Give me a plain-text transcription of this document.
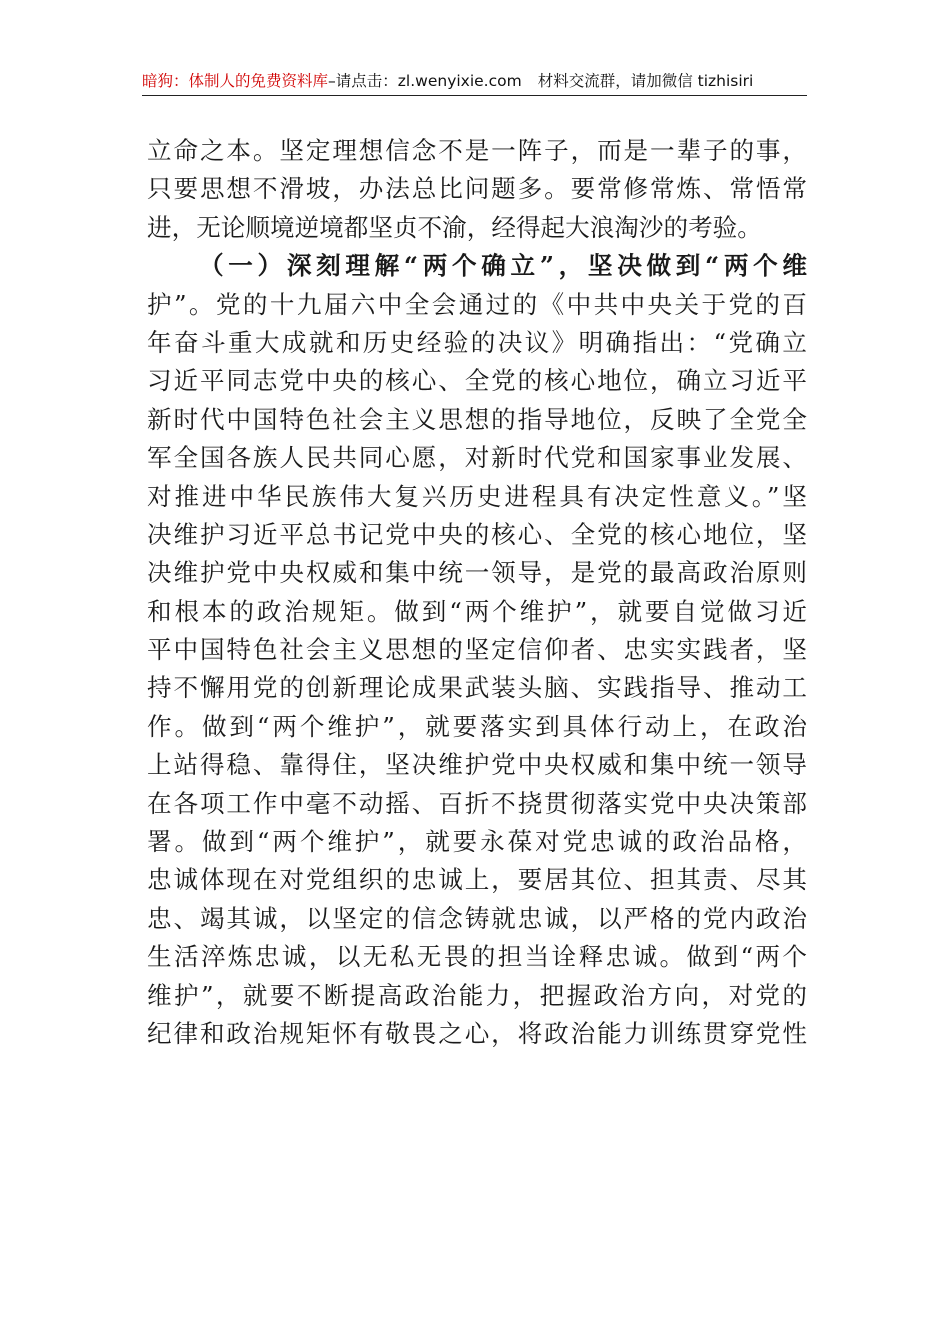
暗狗：体制人的免费资料库–请点击：zl.wenyixie.com 材料交流群，请加微信 tizhisiri
立命之本。坚定理想信念不是一阵子，而是一辈子的事，
只要思想不滑坡，办法总比问题多。要常修常炼、常悟常
进，无论顺境逆境都坚贞不渝，经得起大浪淘沙的考验。
（一）深刻理解“两个确立”，坚决做到“两个维
护”。党的十九届六中全会通过的《中共中央关于党的百
年奋斗重大成就和历史经验的决议》明确指出：“党确立
习近平同志党中央的核心、全党的核心地位，确立习近平
新时代中国特色社会主义思想的指导地位，反映了全党全
军全国各族人民共同心愿，对新时代党和国家事业发展、
对推进中华民族伟大复兴历史进程具有决定性意义。”坚
决维护习近平总书记党中央的核心、全党的核心地位，坚
决维护党中央权威和集中统一领导，是党的最高政治原则
和根本的政治规矩。做到“两个维护”，就要自觉做习近
平中国特色社会主义思想的坚定信仰者、忠实实践者，坚
持不懈用党的创新理论成果武装头脑、实践指导、推动工
作。做到“两个维护”，就要落实到具体行动上，在政治
上站得稳、靠得住，坚决维护党中央权威和集中统一领导
在各项工作中毫不动摇、百折不挠贯彻落实党中央决策部
署。做到“两个维护”，就要永葆对党忠诚的政治品格，
忠诚体现在对党组织的忠诚上，要居其位、担其责、尽其
忠、竭其诚，以坚定的信念铸就忠诚，以严格的党内政治
生活淬炼忠诚，以无私无畏的担当诠释忠诚。做到“两个
维护”，就要不断提高政治能力，把握政治方向，对党的
纪律和政治规矩怀有敬畏之心，将政治能力训练贯穿党性
